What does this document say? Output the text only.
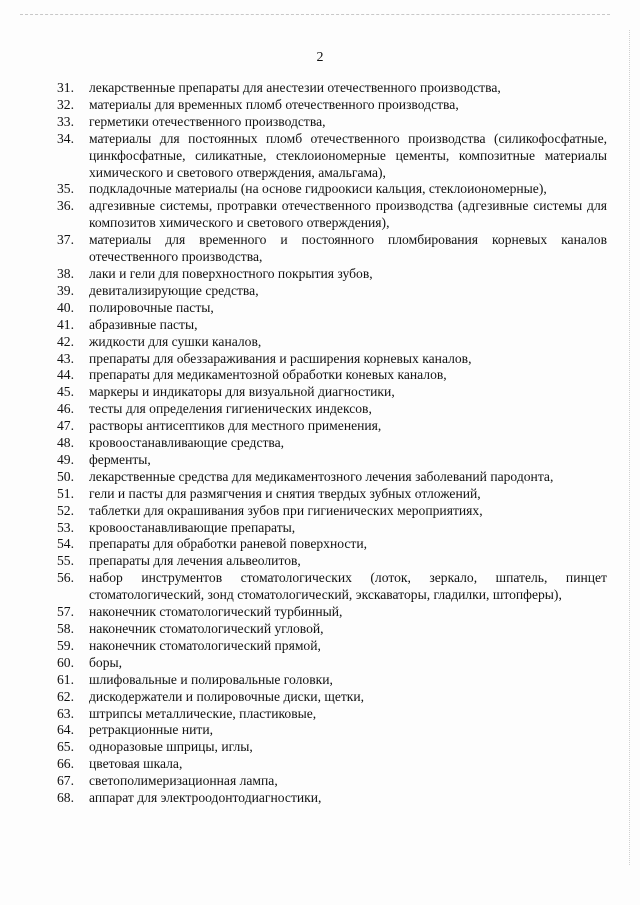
2
31.	лекарственные препараты для анестезии отечественного производства,
32.	материалы для временных пломб отечественного производства,
33.	герметики отечественного производства,
34.	материалы для постоянных пломб отечественного производства (силикофосфатные, цинкфосфатные, силикатные, стеклоиономерные цементы, композитные материалы химического и светового отверждения, амальгама),
35.	подкладочные материалы (на основе гидроокиси кальция, стеклоиономерные),
36.	адгезивные системы, протравки отечественного производства (адгезивные системы для композитов химического и светового отверждения),
37.	материалы для временного и постоянного пломбирования корневых каналов отечественного производства,
38.	лаки и гели для поверхностного покрытия зубов,
39.	девитализирующие средства,
40.	полировочные пасты,
41.	абразивные пасты,
42.	жидкости для сушки каналов,
43.	препараты для обеззараживания и расширения корневых каналов,
44.	препараты для медикаментозной обработки коневых каналов,
45.	маркеры и индикаторы для визуальной диагностики,
46.	тесты для определения гигиенических индексов,
47.	растворы антисептиков для местного применения,
48.	кровоостанавливающие средства,
49.	ферменты,
50.	лекарственные средства для медикаментозного лечения заболеваний пародонта,
51.	гели и пасты для размягчения и снятия твердых зубных отложений,
52.	таблетки для окрашивания зубов при гигиенических мероприятиях,
53.	кровоостанавливающие препараты,
54.	препараты для обработки раневой поверхности,
55.	препараты для лечения альвеолитов,
56.	набор инструментов стоматологических (лоток, зеркало, шпатель, пинцет стоматологический, зонд стоматологический, экскаваторы, гладилки, штопферы),
57.	наконечник стоматологический турбинный,
58.	наконечник стоматологический угловой,
59.	наконечник стоматологический прямой,
60.	боры,
61.	шлифовальные и полировальные головки,
62.	дискодержатели и полировочные диски, щетки,
63.	штрипсы металлические, пластиковые,
64.	ретракционные нити,
65.	одноразовые шприцы, иглы,
66.	цветовая шкала,
67.	светополимеризационная лампа,
68.	аппарат для электроодонтодиагностики,
